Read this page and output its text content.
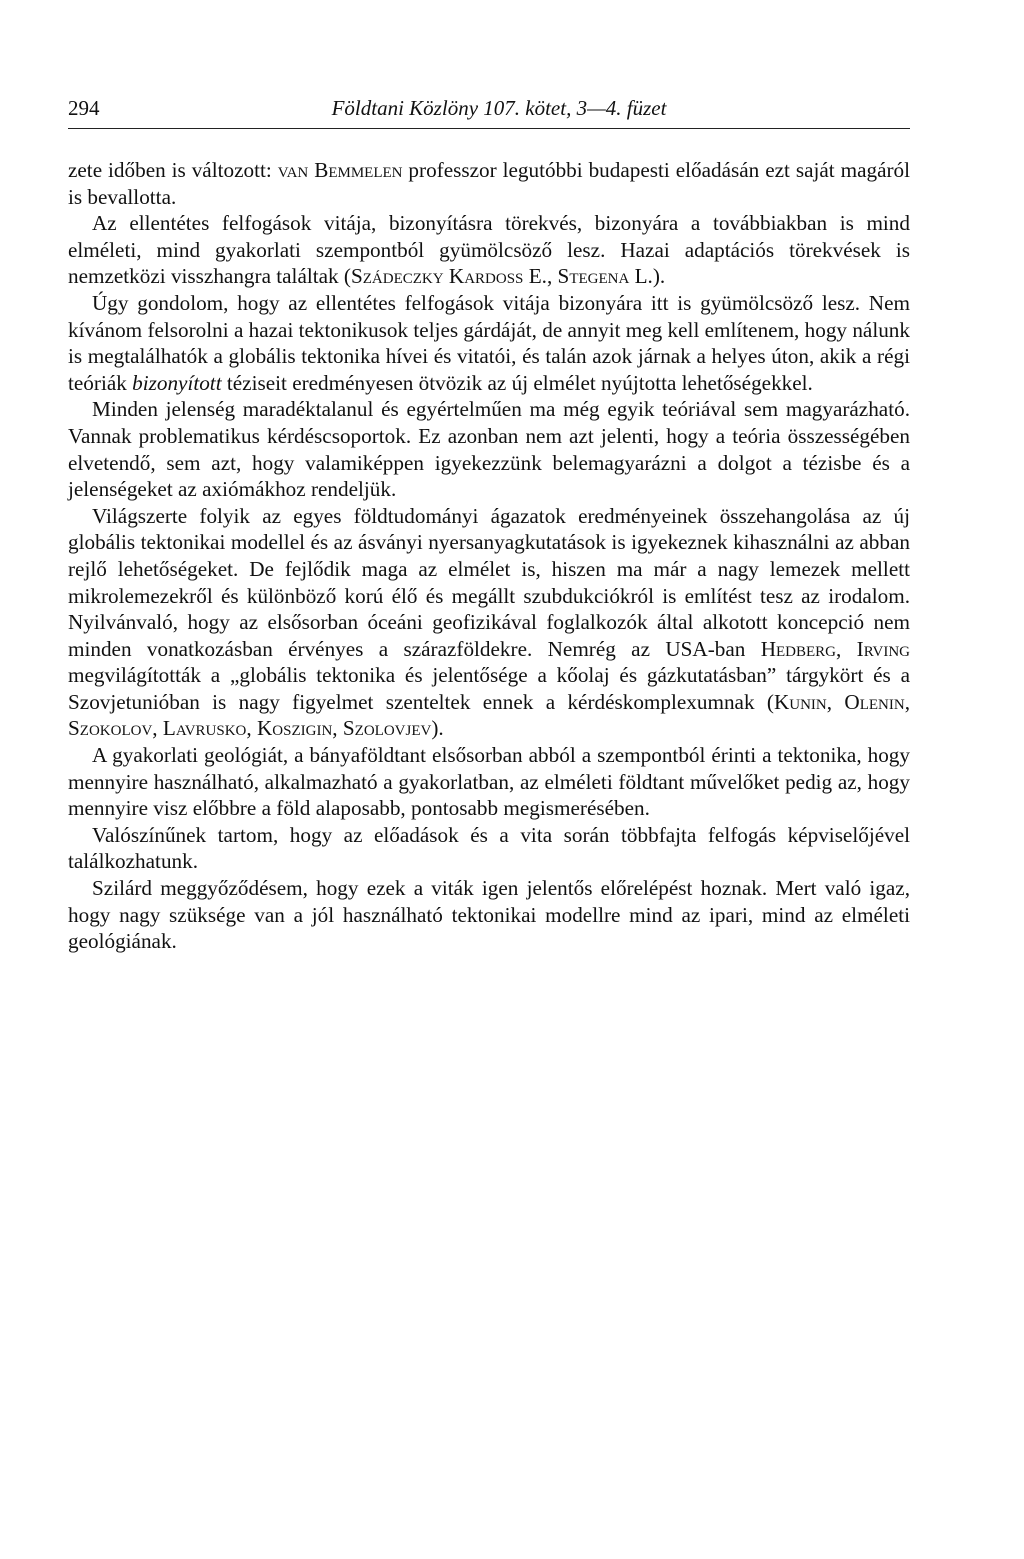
294	Földtani Közlöny 107. kötet, 3—4. füzet

zete időben is változott: van Bemmelen professzor legutóbbi budapesti előadásán ezt saját magáról is bevallotta.

Az ellentétes felfogások vitája, bizonyításra törekvés, bizonyára a továbbiakban is mind elméleti, mind gyakorlati szempontból gyümölcsöző lesz. Hazai adaptációs törekvések is nemzetközi visszhangra találtak (Szádeczky Kardoss E., Stegena L.).

Úgy gondolom, hogy az ellentétes felfogások vitája bizonyára itt is gyümölcsöző lesz. Nem kívánom felsorolni a hazai tektonikusok teljes gárdáját, de annyit meg kell említenem, hogy nálunk is megtalálhatók a globális tektonika hívei és vitatói, és talán azok járnak a helyes úton, akik a régi teóriák bizonyított téziseit eredményesen ötvözik az új elmélet nyújtotta lehetőségekkel.

Minden jelenség maradéktalanul és egyértelműen ma még egyik teóriával sem magyarázható. Vannak problematikus kérdéscsoportok. Ez azonban nem azt jelenti, hogy a teória összességében elvetendő, sem azt, hogy valamiképpen igyekezzünk belemagyarázni a dolgot a tézisbe és a jelenségeket az axiómákhoz rendeljük.

Világszerte folyik az egyes földtudományi ágazatok eredményeinek összehangolása az új globális tektonikai modellel és az ásványi nyersanyagkutatások is igyekeznek kihasználni az abban rejlő lehetőségeket. De fejlődik maga az elmélet is, hiszen ma már a nagy lemezek mellett mikrolemezekről és különböző korú élő és megállt szubdukciókról is említést tesz az irodalom. Nyilvánvaló, hogy az elsősorban óceáni geofizikával foglalkozók által alkotott koncepció nem minden vonatkozásban érvényes a szárazföldekre. Nemrég az USA-ban Hedberg, Irving megvilágították a „globális tektonika és jelentősége a kőolaj és gázkutatásban” tárgykört és a Szovjetunióban is nagy figyelmet szenteltek ennek a kérdéskomplexumnak (Kunin, Olenin, Szokolov, Lavrusko, Koszigin, Szolovjev).

A gyakorlati geológiát, a bányaföldtant elsősorban abból a szempontból érinti a tektonika, hogy mennyire használható, alkalmazható a gyakorlatban, az elméleti földtant művelőket pedig az, hogy mennyire visz előbbre a föld alaposabb, pontosabb megismerésében.

Valószínűnek tartom, hogy az előadások és a vita során többfajta felfogás képviselőjével találkozhatunk.

Szilárd meggyőződésem, hogy ezek a viták igen jelentős előrelépést hoznak. Mert való igaz, hogy nagy szüksége van a jól használható tektonikai modellre mind az ipari, mind az elméleti geológiának.
